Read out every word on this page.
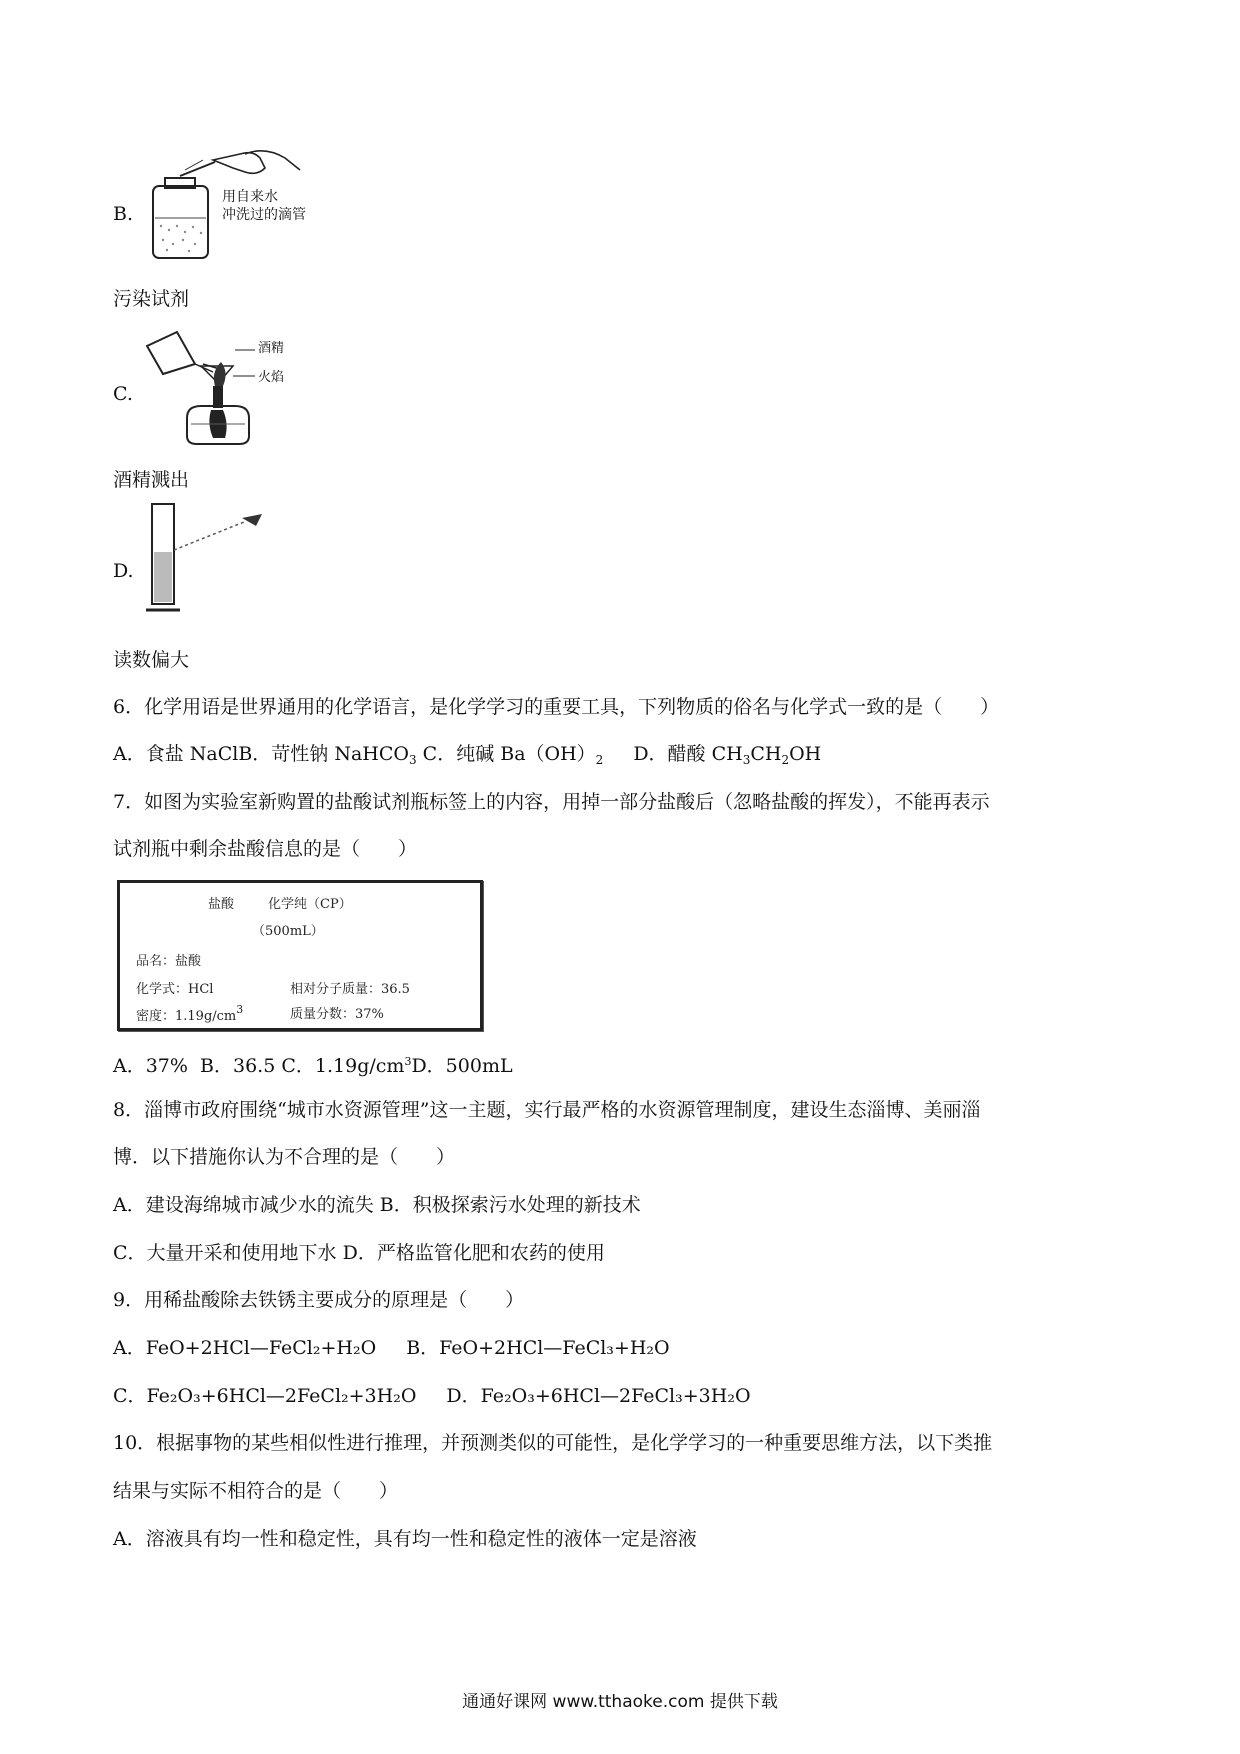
B.
用自来水
冲洗过的滴管
污染试剂
C.
酒精
火焰
酒精溅出
D.
读数偏大
6．化学用语是世界通用的化学语言，是化学学习的重要工具，下列物质的俗名与化学式一致的是（　　）
A．食盐 NaClB．苛性钠 NaHCO$_3$ C．纯碱 $Ba(OH)_2$ D．醋酸 $CH_3CH_2OH$
7．如图为实验室新购置的盐酸试剂瓶标签上的内容，用掉一部分盐酸后（忽略盐酸的挥发），不能再表示
试剂瓶中剩余盐酸信息的是（　　）
盐酸	化学纯（CP）
（500mL）
品名：盐酸
化学式：HCl	相对分子质量：36.5
密度：$1.19g/cm^3$	质量分数：37%
A．37% B．36.5 C．$1.19g/cm^3D$．500mL
8．淄博市政府围绕“城市水资源管理”这一主题，实行最严格的水资源管理制度，建设生态淄博、美丽淄
博．以下措施你认为不合理的是（　　）
A．建设海绵城市减少水的流失 B．积极探索污水处理的新技术
C．大量开采和使用地下水 D．严格监管化肥和农药的使用
9．用稀盐酸除去铁锈主要成分的原理是（　　）
A．FeO+2HCl—FeCl₂+H₂O B．FeO+2HCl—FeCl₃+H₂O
C．Fe₂O₃+6HCl—2FeCl₂+3H₂O D．Fe₂O₃+6HCl—2FeCl₃+3H₂O
10．根据事物的某些相似性进行推理，并预测类似的可能性，是化学学习的一种重要思维方法，以下类推
结果与实际不相符合的是（　　）
A．溶液具有均一性和稳定性，具有均一性和稳定性的液体一定是溶液
通通好课网 www.tthaoke.com 提供下载
